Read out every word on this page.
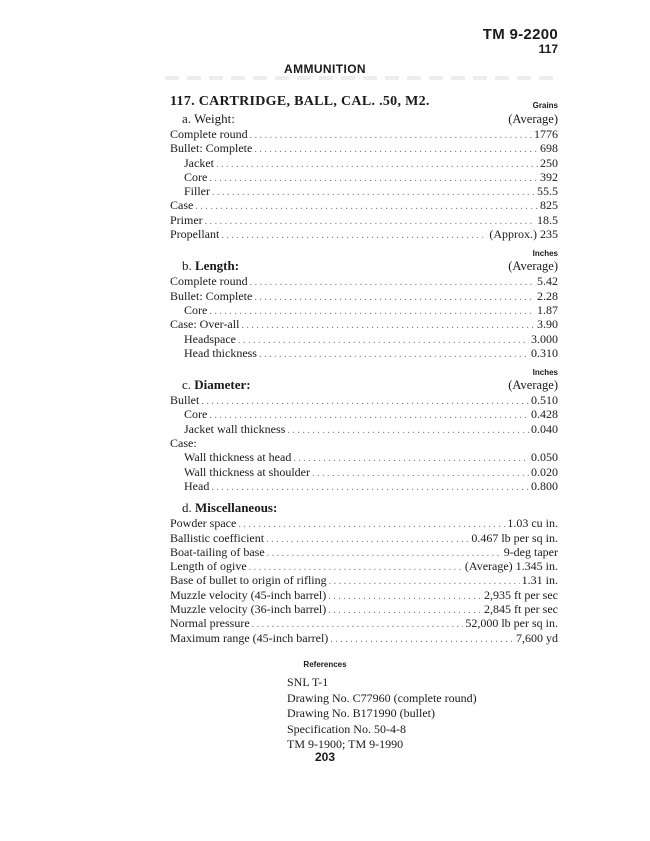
TM 9-2200
117
AMMUNITION
117. CARTRIDGE, BALL, CAL. .50, M2.	Grains
a. Weight:	(Average)
Complete round . . .	1776
Bullet: Complete . . .	698
Jacket . . .	250
Core . . .	392
Filler . . .	55.5
Case . . .	825
Primer . . .	18.5
Propellant . . .	(Approx.) 235
Inches
b. Length:	(Average)
Complete round . . .	5.42
Bullet: Complete . . .	2.28
Core . . .	1.87
Case: Over-all . . .	3.90
Headspace . . .	3.000
Head thickness . . .	0.310
Inches
c. Diameter:	(Average)
Bullet . . .	0.510
Core . . .	0.428
Jacket wall thickness . . .	0.040
Case:
Wall thickness at head . . .	0.050
Wall thickness at shoulder . . .	0.020
Head . . .	0.800
d. Miscellaneous:
Powder space . . .	1.03 cu in.
Ballistic coefficient . . .	0.467 lb per sq in.
Boat-tailing of base . . .	9-deg taper
Length of ogive . . .	(Average) 1.345 in.
Base of bullet to origin of rifling . . .	1.31 in.
Muzzle velocity (45-inch barrel) . . .	2,935 ft per sec
Muzzle velocity (36-inch barrel) . . .	2,845 ft per sec
Normal pressure . . .	52,000 lb per sq in.
Maximum range (45-inch barrel) . . .	7,600 yd
References
SNL T-1
Drawing No. C77960 (complete round)
Drawing No. B171990 (bullet)
Specification No. 50-4-8
TM 9-1900; TM 9-1990
203
